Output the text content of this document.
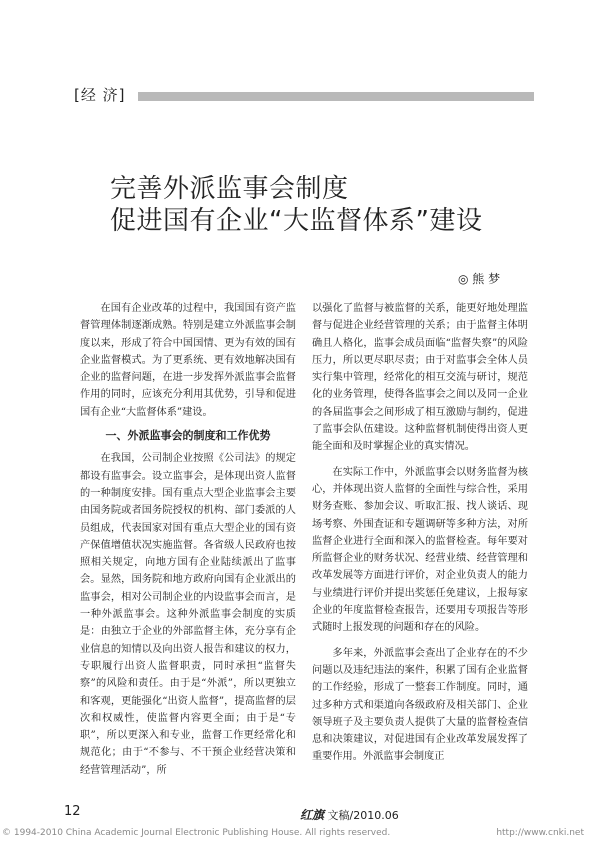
[经 济]
完善外派监事会制度
促进国有企业“大监督体系”建设
◎ 熊 梦

在国有企业改革的过程中，我国国有资产监督管理体制逐渐成熟。特别是建立外派监事会制度以来，形成了符合中国国情、更为有效的国有企业监督模式。为了更系统、更有效地解决国有企业的监督问题，在进一步发挥外派监事会监督作用的同时，应该充分利用其优势，引导和促进国有企业“大监督体系”建设。

一、外派监事会的制度和工作优势

在我国，公司制企业按照《公司法》的规定都设有监事会。设立监事会，是体现出资人监督的一种制度安排。国有重点大型企业监事会主要由国务院或者国务院授权的机构、部门委派的人员组成，代表国家对国有重点大型企业的国有资产保值增值状况实施监督。各省级人民政府也按照相关规定，向地方国有企业陆续派出了监事会。显然，国务院和地方政府向国有企业派出的监事会，相对公司制企业的内设监事会而言，是一种外派监事会。这种外派监事会制度的实质是：由独立于企业的外部监督主体，充分享有企业信息的知情以及向出资人报告和建议的权力，专职履行出资人监督职责，同时承担“监督失察”的风险和责任。由于是“外派”，所以更独立和客观，更能强化“出资人监督”，提高监督的层次和权威性，使监督内容更全面；由于是“专职”，所以更深入和专业，监督工作更经常化和规范化；由于“不参与、不干预企业经营决策和经营管理活动”，所

以强化了监督与被监督的关系，能更好地处理监督与促进企业经营管理的关系；由于监督主体明确且人格化，监事会成员面临“监督失察”的风险压力，所以更尽职尽责；由于对监事会全体人员实行集中管理，经常化的相互交流与研讨，规范化的业务管理，使得各监事会之间以及同一企业的各届监事会之间形成了相互激励与制约，促进了监事会队伍建设。这种监督机制使得出资人更能全面和及时掌握企业的真实情况。

在实际工作中，外派监事会以财务监督为核心，并体现出资人监督的全面性与综合性，采用财务查账、参加会议、听取汇报、找人谈话、现场考察、外围査证和专题调研等多种方法，对所监督企业进行全面和深入的监督检查。每年要对所监督企业的财务状况、经营业绩、经营管理和改革发展等方面进行评价，对企业负责人的能力与业绩进行评价并提出奖惩任免建议，上报每家企业的年度监督检查报告，还要用专项报告等形式随时上报发现的问题和存在的风险。

多年来，外派监事会查出了企业存在的不少问题以及违纪违法的案件，积累了国有企业监督的工作经验，形成了一整套工作制度。同时，通过多种方式和渠道向各级政府及相关部门、企业领导班子及主要负责人提供了大量的监督检查信息和决策建议，对促进国有企业改革发展发挥了重要作用。外派监事会制度正

12	红旗 文稿/2010.06
© 1994-2010 China Academic Journal Electronic Publishing House. All rights reserved.	http://www.cnki.net
